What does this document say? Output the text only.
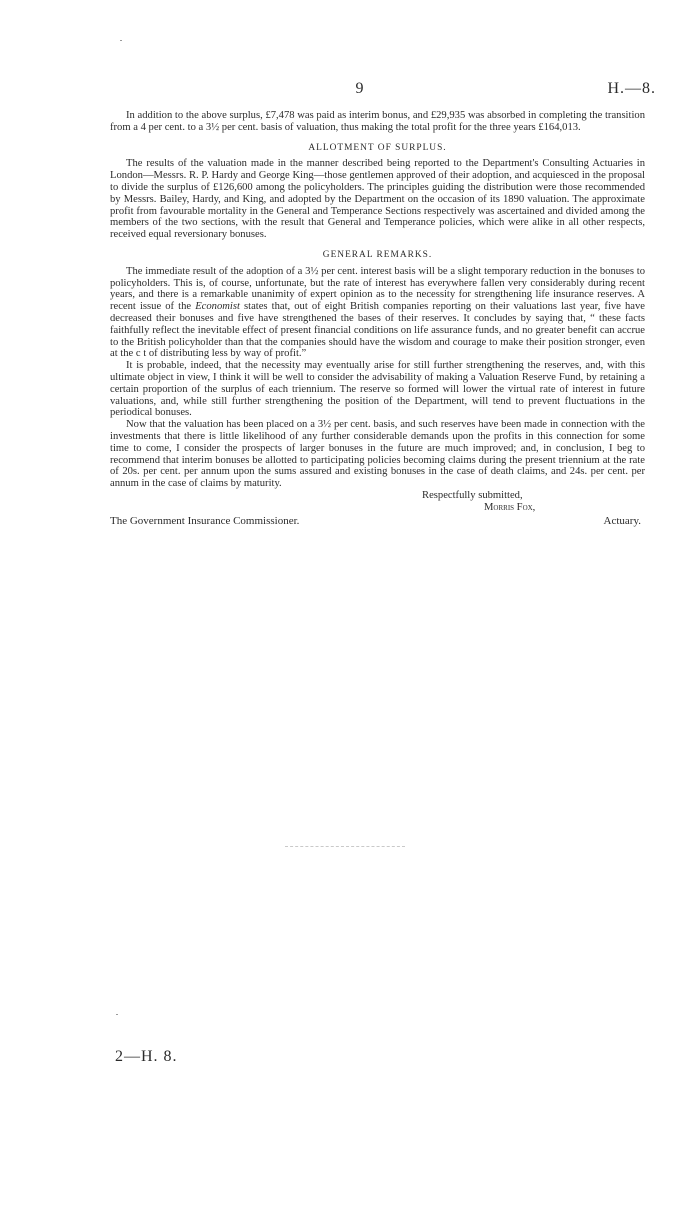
9	H.—8.

In addition to the above surplus, £7,478 was paid as interim bonus, and £29,935 was absorbed in completing the transition from a 4 per cent. to a 3½ per cent. basis of valuation, thus making the total profit for the three years £164,013.

ALLOTMENT OF SURPLUS.

The results of the valuation made in the manner described being reported to the Department's Consulting Actuaries in London—Messrs. R. P. Hardy and George King—those gentlemen approved of their adoption, and acquiesced in the proposal to divide the surplus of £126,600 among the policyholders. The principles guiding the distribution were those recommended by Messrs. Bailey, Hardy, and King, and adopted by the Department on the occasion of its 1890 valuation. The approximate profit from favourable mortality in the General and Temperance Sections respectively was ascertained and divided among the members of the two sections, with the result that General and Temperance policies, which were alike in all other respects, received equal reversionary bonuses.

GENERAL REMARKS.

The immediate result of the adoption of a 3½ per cent. interest basis will be a slight temporary reduction in the bonuses to policyholders. This is, of course, unfortunate, but the rate of interest has everywhere fallen very considerably during recent years, and there is a remarkable unanimity of expert opinion as to the necessity for strengthening life insurance reserves. A recent issue of the Economist states that, out of eight British companies reporting on their valuations last year, five have decreased their bonuses and five have strengthened the bases of their reserves. It concludes by saying that, “ these facts faithfully reflect the inevitable effect of present financial conditions on life assurance funds, and no greater benefit can accrue to the British policyholder than that the companies should have the wisdom and courage to make their position stronger, even at the c t of distributing less by way of profit.”

It is probable, indeed, that the necessity may eventually arise for still further strengthening the reserves, and, with this ultimate object in view, I think it will be well to consider the advisability of making a Valuation Reserve Fund, by retaining a certain proportion of the surplus of each triennium. The reserve so formed will lower the virtual rate of interest in future valuations, and, while still further strengthening the position of the Department, will tend to prevent fluctuations in the periodical bonuses.

Now that the valuation has been placed on a 3½ per cent. basis, and such reserves have been made in connection with the investments that there is little likelihood of any further considerable demands upon the profits in this connection for some time to come, I consider the prospects of larger bonuses in the future are much improved; and, in conclusion, I beg to recommend that interim bonuses be allotted to participating policies becoming claims during the present triennium at the rate of 20s. per cent. per annum upon the sums assured and existing bonuses in the case of death claims, and 24s. per cent. per annum in the case of claims by maturity.

Respectfully submitted,

Morris Fox,

The Government Insurance Commissioner.	Actuary.
2—H. 8.
